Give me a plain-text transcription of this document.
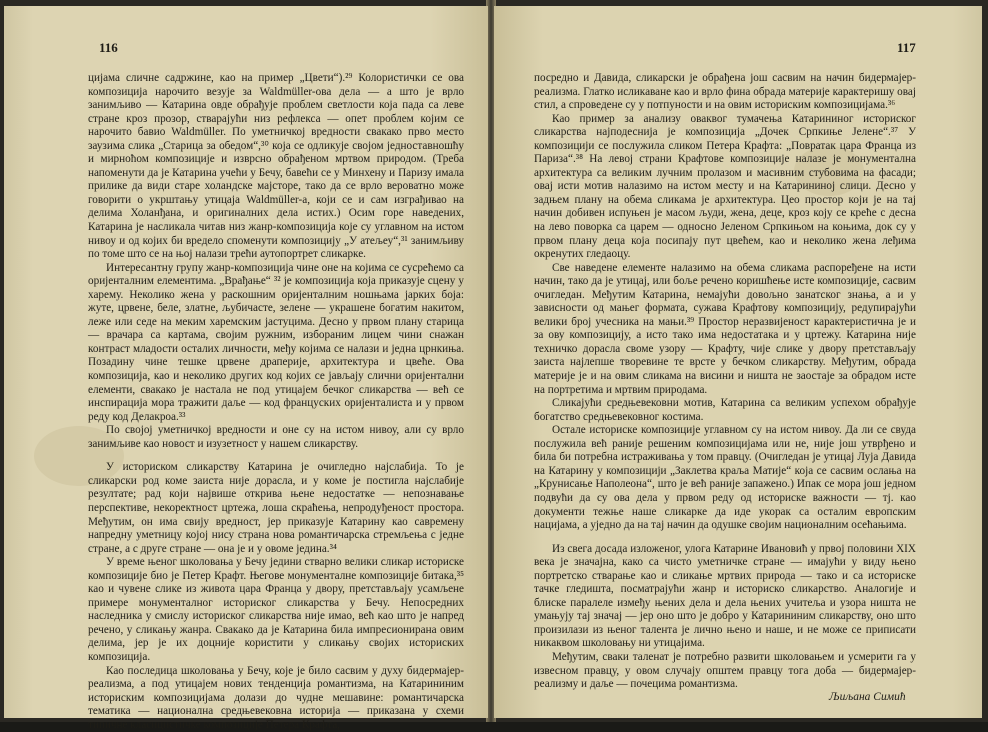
116

цијама сличне садржине, као на пример „Цвети“).²⁹ Колористички се ова композиција нарочито везује за Waldmüller-ова дела — а што је врло занимљиво — Катарина овде обрађује проблем светлости која пада са леве стране кроз прозор, стварајући низ рефлекса — опет проблем којим се нарочито бавио Waldmüller. По уметничкој вредности свакако прво место заузима слика „Старица за обедом“,³⁰ која се одликује својом једноставношћу и мирноћом композиције и изврсно обрађеном мртвом природом. (Треба напоменути да је Катарина учећи у Бечу, бавећи се у Минхену и Паризу имала прилике да види старе холандске мајсторе, тако да се врло вероватно може говорити о укрштању утицаја Waldmüller-а, који се и сам изграђивао на делима Холанђана, и оригиналних дела истих.) Осим горе наведених, Катарина је насликала читав низ жанр-композиција које су углавном на истом нивоу и од којих би вредело споменути композицију „У атељеу“,³¹ занимљиву по томе што се на њој налази трећи аутопортрет сликарке.

Интересантну групу жанр-композиција чине оне на којима се сусрећемо са оријенталним елементима. „Врађање“ ³² је композиција која приказује сцену у харему. Неколико жена у раскошним оријенталним ношњама јарких боја: жуте, црвене, беле, златне, љубичасте, зелене — украшене богатим накитом, леже или седе на меким харемским јастуцима. Десно у првом плану старица — врачара са картама, својим ружним, избораним лицем чини снажан контраст младости осталих личности, међу којима се налази и једна црнкиња. Позадину чине тешке црвене драперије, архитектура и цвеће. Ова композиција, као и неколико других код којих се јављају слични оријентални елементи, свакако је настала не под утицајем бечког сликарства — већ се инспирација мора тражити даље — код француских оријенталиста и у првом реду код Делакроа.³³

По својој уметничкој вредности и оне су на истом нивоу, али су врло занимљиве као новост и изузетност у нашем сликарству.

У историском сликарству Катарина је очигледно најслабија. То је сликарски род коме заиста није дорасла, и у коме је постигла најслабије резултате; рад који највише открива њене недостатке — непознавање перспективе, некоректност цртежа, лоша скраћења, непродуђеност простора. Међутим, он има свију вредност, јер приказује Катарину као савремену напредну уметницу којој нису страна нова романтичарска стремљења с једне стране, а с друге стране — она је и у овоме једина.³⁴

У време њеног школовања у Бечу једини стварно велики сликар историске композиције био је Петер Крафт. Његове монументалне композиције битака,³⁵ као и чувене слике из живота цара Франца у двору, претстављају усамљене примере монументалног историског сликарства у Бечу. Непосредних наследника у смислу историског сликарства није имао, већ као што је напред речено, у сликању жанра. Свакако да је Катарина била импресионирана овим делима, јер је их доцније користити у сликању својих историских композиција.

Као последица школовања у Бечу, које је било сасвим у духу бидермајер-реализма, а под утицајем нових тенденција романтизма, на Катарининим историским композицијама долази до чудне мешавине: романтичарска тематика — национална средњевековна историја — приказана у схеми типичне класицистичке композиције Петера Крафта,

117

посредно и Давида, сликарски је обрађена још сасвим на начин бидермајер-реализма. Глатко исликаване као и врло фина обрада материје карактеришу овај стил, а спроведене су у потпуности и на овим историским композицијама.³⁶

Као пример за анализу оваквог тумачења Катарининог историског сликарства најподеснија је композиција „Дочек Српкиње Јелене“.³⁷ У композицији се послужила сликом Петера Крафта: „Повратак цара Франца из Париза“.³⁸ На левој страни Крафтове композиције налазе је монументална архитектура са великим лучним пролазом и масивним стубовима на фасади; овај исти мотив налазимо на истом месту и на Катарининој слици. Десно у задњем плану на обема сликама је архитектура. Цео простор који је на тај начин добивен испуњен је масом људи, жена, деце, кроз коју се креће с десна на лево поворка са царем — односно Јеленом Српкињом на коњима, док су у првом плану деца која посипају пут цвећем, као и неколико жена леђима окренутих гледаоцу.

Све наведене елементе налазимо на обема сликама распоређене на исти начин, тако да је утицај, или боље речено коришћење исте композиције, сасвим очигледан. Међутим Катарина, немајући довољно занатског знања, а и у зависности од мањег формата, сужава Крафтову композицију, редупирајући велики број учесника на мањи.³⁹ Простор неразвијеност карактеристична је и за ову композицију, а исто тако има недостатака и у цртежу. Катарина није техничко дорасла своме узору — Крафту, чије слике у двору претстављају заиста најлепше творевине те врсте у бечком сликарству. Међутим, обрада материје је и на овим сликама на висини и ништа не заостаје за обрадом исте на портретима и мртвим природама.

Сликајући средњевековни мотив, Катарина са великим успехом обрађује богатство средњевековног костима.

Остале историске композиције углавном су на истом нивоу. Да ли се свуда послужила већ раније решеним композицијама или не, није још утврђено и била би потребна истраживања у том правцу. (Очигледан је утицај Луја Давида на Катарину у композицији „Заклетва краља Матије“ која се сасвим ослања на „Крунисање Наполеона“, што је већ раније запажено.) Ипак се мора још једном подвући да су ова дела у првом реду од историске важности — тј. као документи тежње наше сликарке да иде укорак са осталим европским нацијама, а уједно да на тај начин да одушке својим националним осећањима.

Из свега досада изложеног, улога Катарине Ивановић у првој половини XIX века је значајна, како са чисто уметничке стране — имајући у виду њено портретско стварање као и сликање мртвих природа — тако и са историске тачке гледишта, посматрајући жанр и историско сликарство. Аналогије и блиске паралеле између њених дела и дела њених учитеља и узора ништа не умањују тај значај — јер оно што је добро у Катарининим сликарству, оно што произилази из њеног талента је лично њено и наше, и не може се приписати никаквом школовању ни утицајима.

Међутим, сваки таленат је потребно развити школовањем и усмерити га у извесном правцу, у овом случају општем правцу тога доба — бидермајер-реализму и даље — почецима романтизма.

Љиљана Симић
